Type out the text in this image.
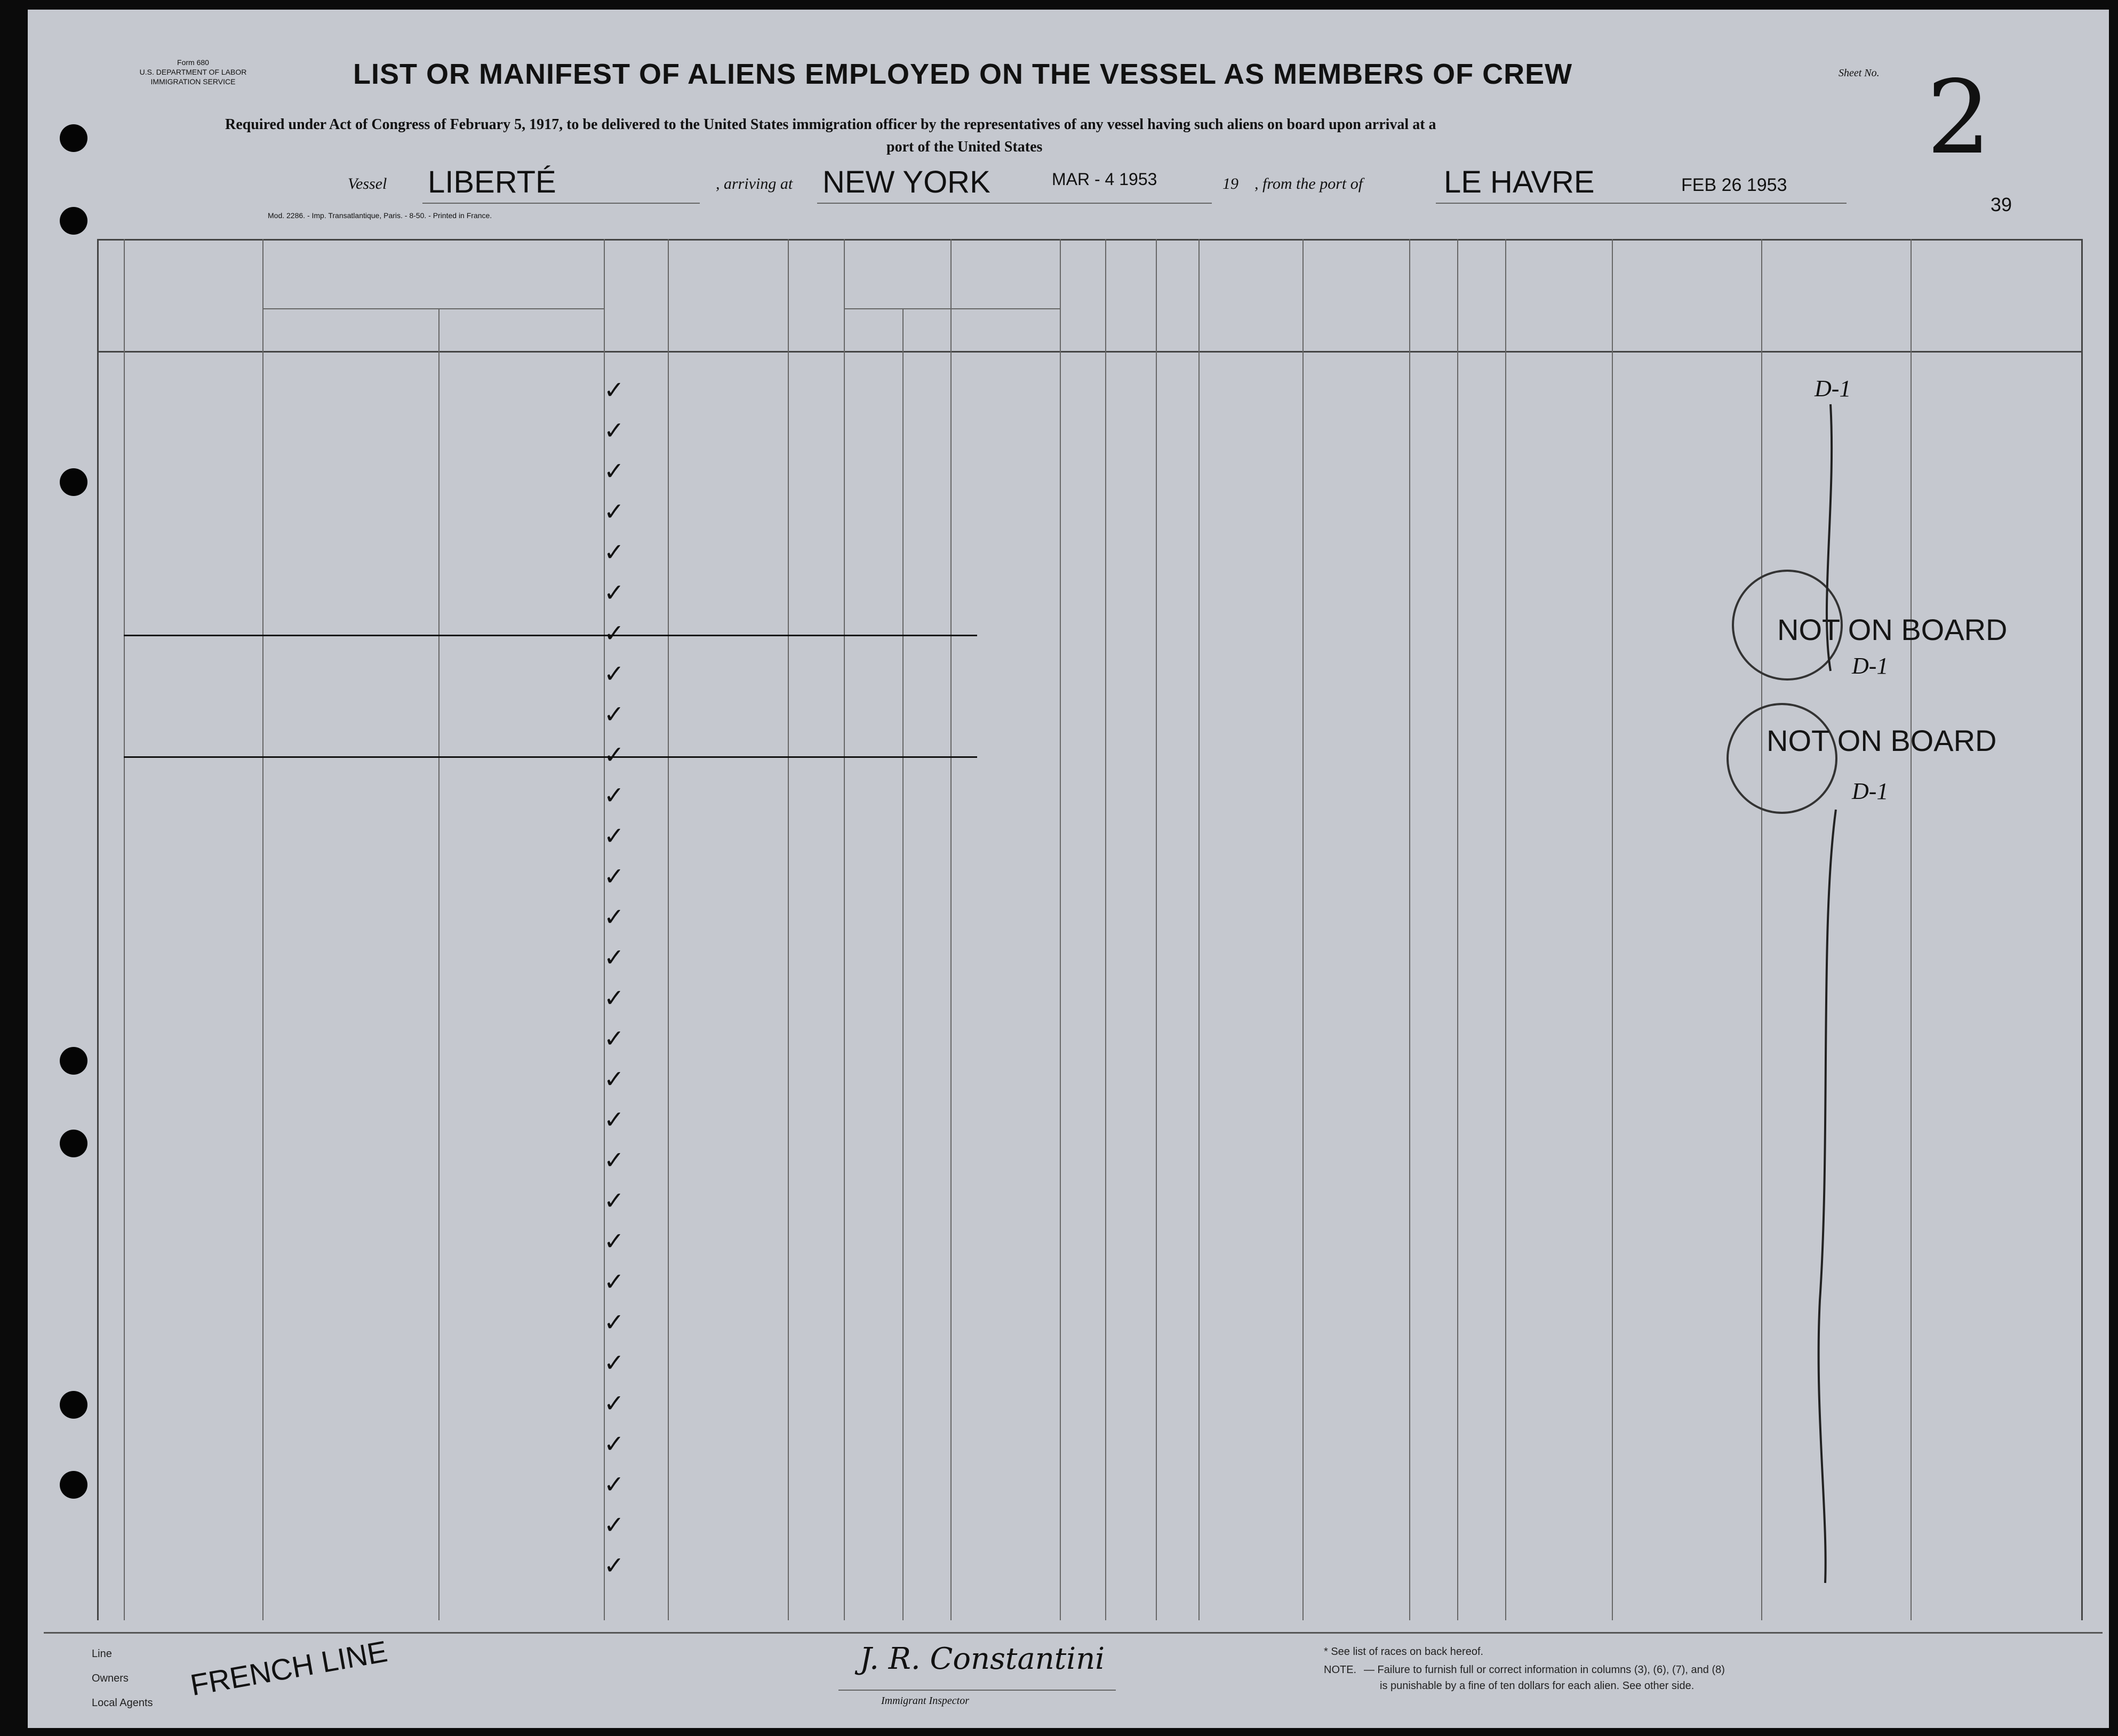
Form 680
U.S. DEPARTMENT OF LABOR
IMMIGRATION SERVICE	LIST OR MANIFEST OF ALIENS EMPLOYED ON THE VESSEL AS MEMBERS OF CREW	Sheet No. 2
Required under Act of Congress of February 5, 1917, to be delivered to the United States immigration officer by the representatives of any vessel having such aliens on board upon arrival at a
port of the United States
Vessel LIBERTÉ	, arriving at NEW YORK	MAR - 4 1953	19 , from the port of	LE HAVRE	FEB 26 1953
39
Mod. 2286. - Imp. Transatlantique, Paris. - 8-50. - Printed in France.
✓
✓
✓
✓
✓
✓
✓
✓
✓
✓
✓
✓
✓
✓
✓
✓
✓
✓
✓
✓
✓
✓
✓
✓
✓
✓
✓
✓
✓
✓
NOT ON BOARD
NOT ON BOARD
D-1
D-1
D-1
Line
Owners
Local Agents
FRENCH LINE	J. R. Constantini
Immigrant Inspector
* See list of races on back hereof.
NOTE. — Failure to furnish full or correct information in columns (3), (6), (7), and (8)
is punishable by a fine of ten dollars for each alien. See other side.
